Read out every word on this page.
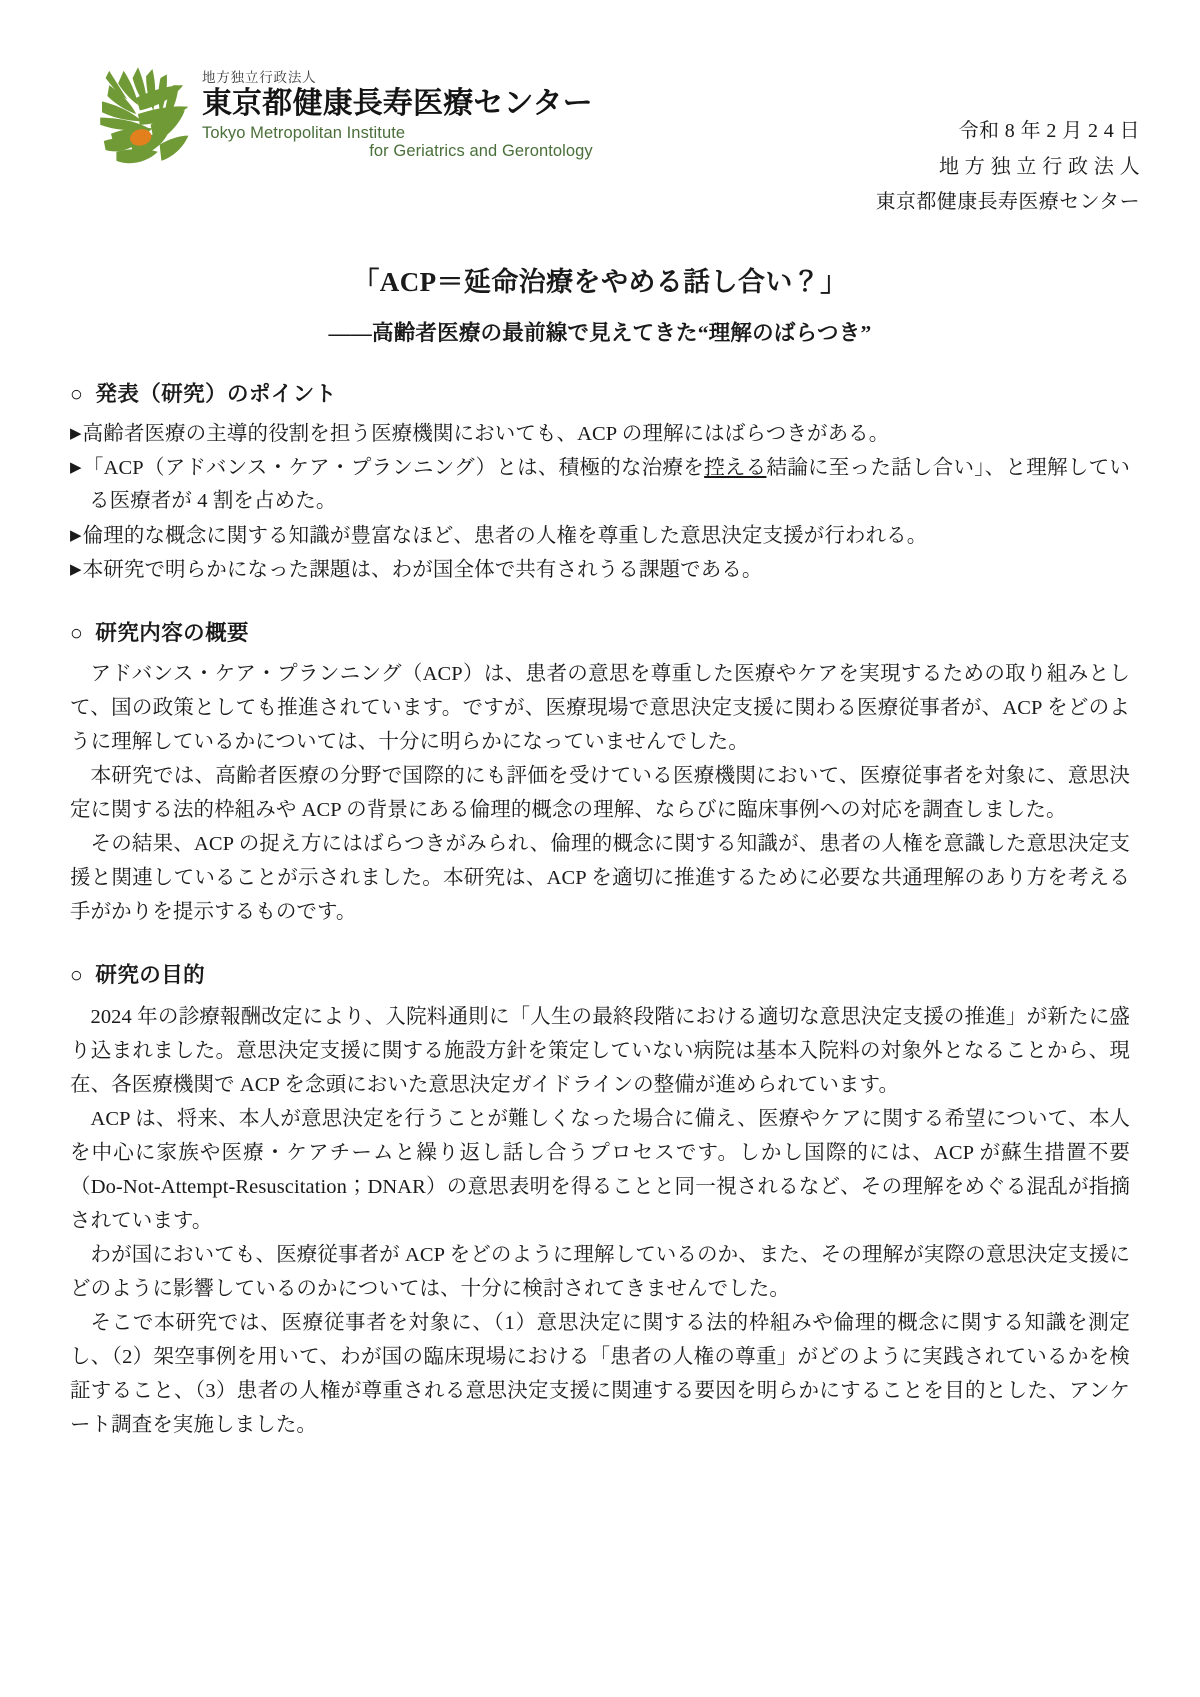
地方独立行政法人
東京都健康長寿医療センター
Tokyo Metropolitan Institute
for Geriatrics and Gerontology
令和 8 年 2 月 2 4 日
地 方 独 立 行 政 法 人
東京都健康長寿医療センター
「ACP＝延命治療をやめる話し合い？」
——高齢者医療の最前線で見えてきた“理解のばらつき”
○ 発表（研究）のポイント
▶高齢者医療の主導的役割を担う医療機関においても、ACP の理解にはばらつきがある。
▶「ACP（アドバンス・ケア・プランニング）とは、積極的な治療を控える結論に至った話し合い」、と理解している医療者が 4 割を占めた。
▶倫理的な概念に関する知識が豊富なほど、患者の人権を尊重した意思決定支援が行われる。
▶本研究で明らかになった課題は、わが国全体で共有されうる課題である。
○ 研究内容の概要

アドバンス・ケア・プランニング（ACP）は、患者の意思を尊重した医療やケアを実現するための取り組みとして、国の政策としても推進されています。ですが、医療現場で意思決定支援に関わる医療従事者が、ACP をどのように理解しているかについては、十分に明らかになっていませんでした。

本研究では、高齢者医療の分野で国際的にも評価を受けている医療機関において、医療従事者を対象に、意思決定に関する法的枠組みや ACP の背景にある倫理的概念の理解、ならびに臨床事例への対応を調査しました。

その結果、ACP の捉え方にはばらつきがみられ、倫理的概念に関する知識が、患者の人権を意識した意思決定支援と関連していることが示されました。本研究は、ACP を適切に推進するために必要な共通理解のあり方を考える手がかりを提示するものです。

○ 研究の目的

2024 年の診療報酬改定により、入院料通則に「人生の最終段階における適切な意思決定支援の推進」が新たに盛り込まれました。意思決定支援に関する施設方針を策定していない病院は基本入院料の対象外となることから、現在、各医療機関で ACP を念頭においた意思決定ガイドラインの整備が進められています。

ACP は、将来、本人が意思決定を行うことが難しくなった場合に備え、医療やケアに関する希望について、本人を中心に家族や医療・ケアチームと繰り返し話し合うプロセスです。しかし国際的には、ACP が蘇生措置不要（Do-Not-Attempt-Resuscitation；DNAR）の意思表明を得ることと同一視されるなど、その理解をめぐる混乱が指摘されています。

わが国においても、医療従事者が ACP をどのように理解しているのか、また、その理解が実際の意思決定支援にどのように影響しているのかについては、十分に検討されてきませんでした。

そこで本研究では、医療従事者を対象に、（1）意思決定に関する法的枠組みや倫理的概念に関する知識を測定し、（2）架空事例を用いて、わが国の臨床現場における「患者の人権の尊重」がどのように実践されているかを検証すること、（3）患者の人権が尊重される意思決定支援に関連する要因を明らかにすることを目的とした、アンケート調査を実施しました。
